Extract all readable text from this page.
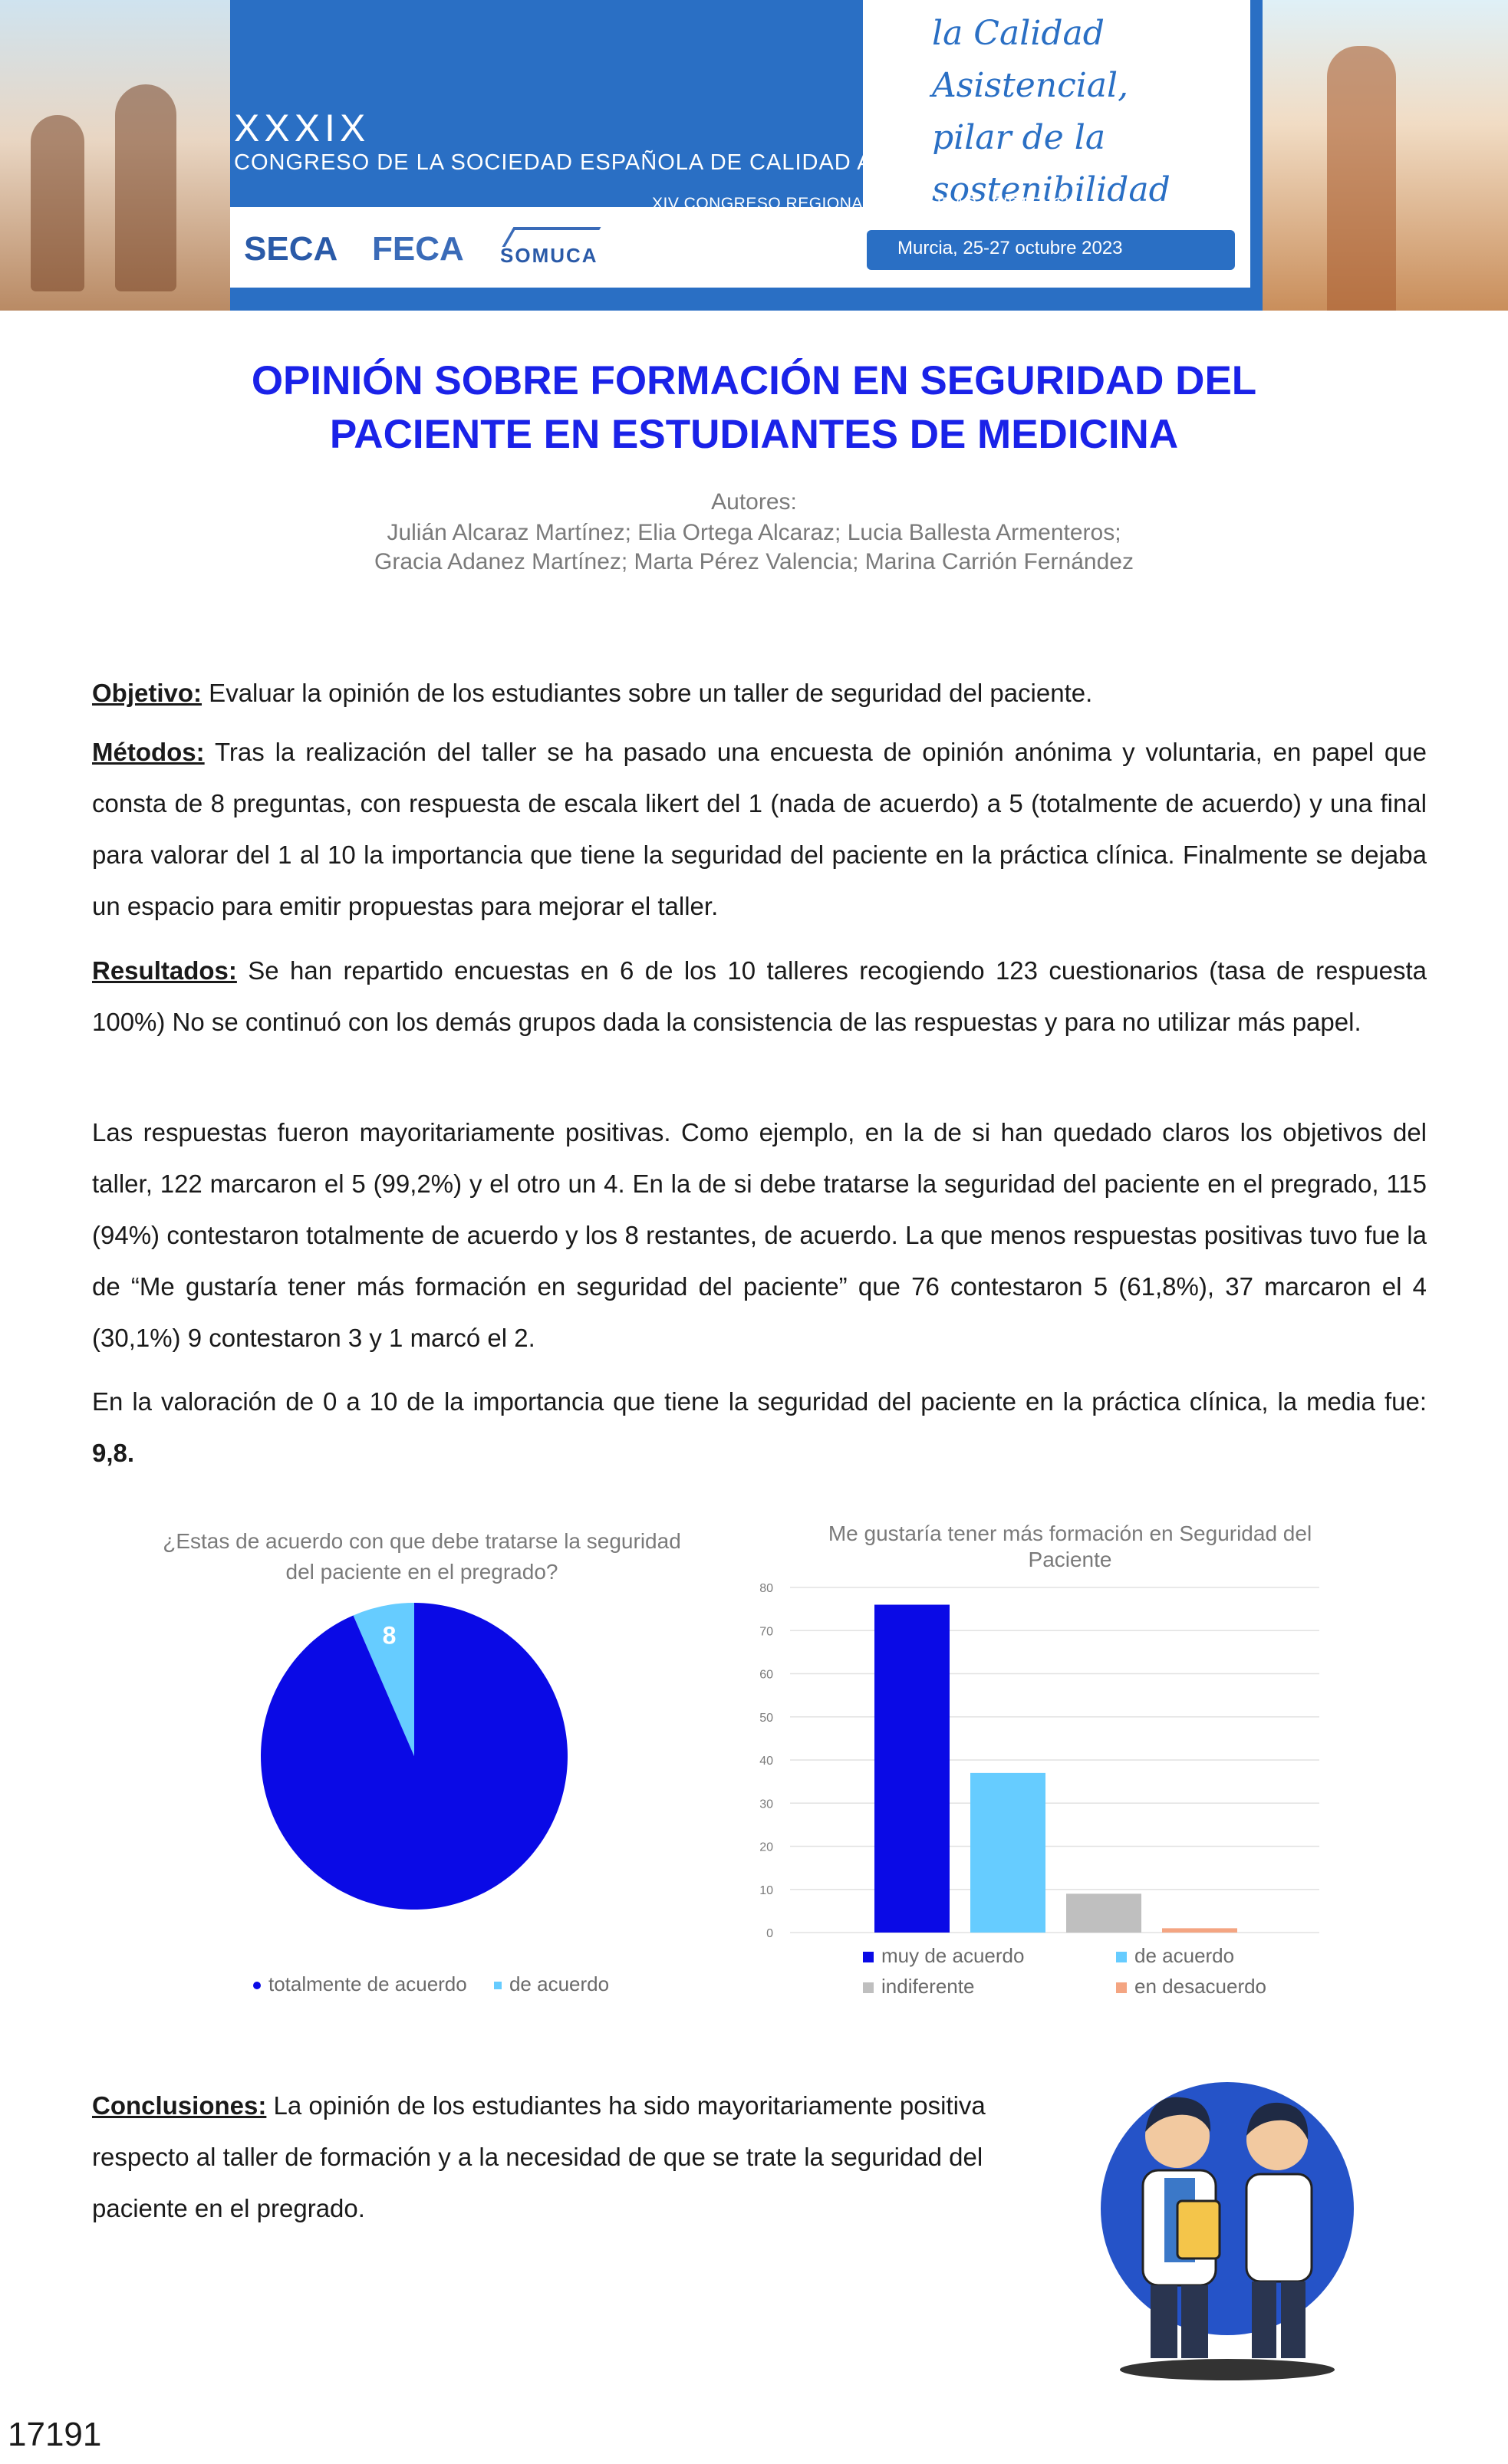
la Calidad Asistencial,
pilar de la sostenibilidad
XXXIX
CONGRESO DE LA SOCIEDAD ESPAÑOLA DE CALIDAD ASISTENCIAL
XIV CONGRESO REGIONAL DE CALIDAD ASISTENCIAL
Murcia, 25-27 octubre 2023
SECA FECA SOMUCA
OPINIÓN SOBRE FORMACIÓN EN SEGURIDAD DEL
PACIENTE EN ESTUDIANTES DE MEDICINA
Autores:
Julián Alcaraz Martínez; Elia Ortega Alcaraz; Lucia Ballesta Armenteros;
Gracia Adanez Martínez; Marta Pérez Valencia; Marina Carrión Fernández
Objetivo: Evaluar la opinión de los estudiantes sobre un taller de seguridad del paciente.
Métodos: Tras la realización del taller se ha pasado una encuesta de opinión anónima y voluntaria, en papel que consta de 8 preguntas, con respuesta de escala likert del 1 (nada de acuerdo) a 5 (totalmente de acuerdo) y una final para valorar del 1 al 10 la importancia que tiene la seguridad del paciente en la práctica clínica. Finalmente se dejaba un espacio para emitir propuestas para mejorar el taller.
Resultados: Se han repartido encuestas en 6 de los 10 talleres recogiendo 123 cuestionarios (tasa de respuesta 100%) No se continuó con los demás grupos dada la consistencia de las respuestas y para no utilizar más papel.
Las respuestas fueron mayoritariamente positivas. Como ejemplo, en la de si han quedado claros los objetivos del taller, 122 marcaron el 5 (99,2%) y el otro un 4. En la de si debe tratarse la seguridad del paciente en el pregrado, 115 (94%) contestaron totalmente de acuerdo y los 8 restantes, de acuerdo. La que menos respuestas positivas tuvo fue la de “Me gustaría tener más formación en seguridad del paciente” que 76 contestaron 5 (61,8%), 37 marcaron el 4 (30,1%) 9 contestaron 3 y 1 marcó el 2.
En la valoración de 0 a 10 de la importancia que tiene la seguridad del paciente en la práctica clínica, la media fue: 9,8.
¿Estas de acuerdo con que debe tratarse la seguridad del paciente en el pregrado?
8
115
totalmente de acuerdo de acuerdo
Me gustaría tener más formación en Seguridad del Paciente
0
10
20
30
40
50
60
70
80
muy de acuerdo	de acuerdo
indiferente	en desacuerdo
Conclusiones: La opinión de los estudiantes ha sido mayoritariamente positiva respecto al taller de formación y a la necesidad de que se trate la seguridad del paciente en el pregrado.
17191
